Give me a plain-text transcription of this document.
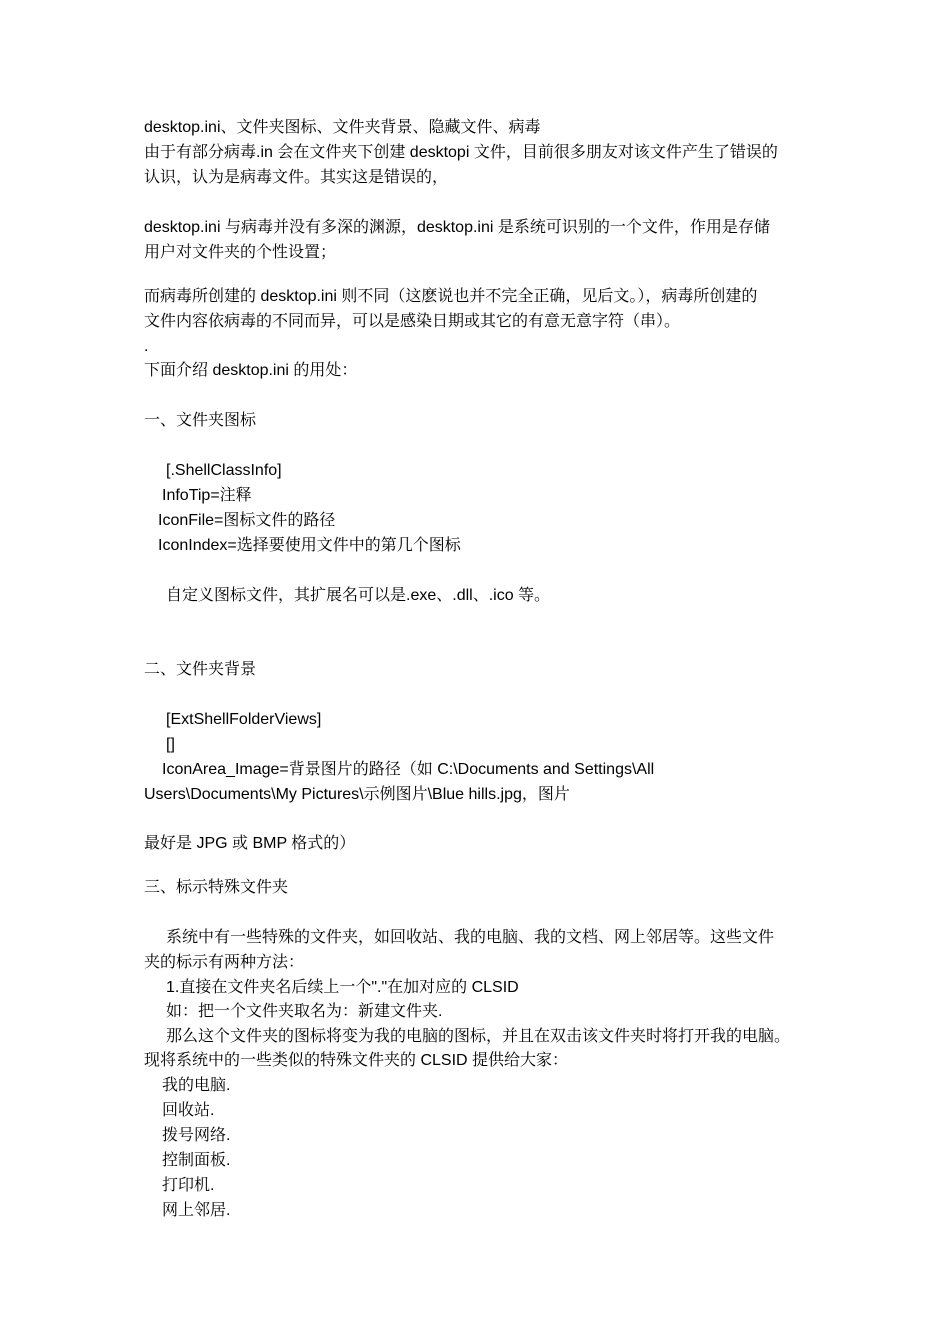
desktop.ini、文件夹图标、文件夹背景、隐藏文件、病毒
由于有部分病毒.in 会在文件夹下创建 desktopi 文件，目前很多朋友对该文件产生了错误的
认识，认为是病毒文件。其实这是错误的，
desktop.ini 与病毒并没有多深的渊源，desktop.ini 是系统可识别的一个文件，作用是存储
用户对文件夹的个性设置；
而病毒所创建的 desktop.ini 则不同（这麽说也并不完全正确，见后文。），病毒所创建的
文件内容依病毒的不同而异，可以是感染日期或其它的有意无意字符（串）。
.
下面介绍 desktop.ini 的用处：
一、文件夹图标
[.ShellClassInfo]
InfoTip=注释
IconFile=图标文件的路径
IconIndex=选择要使用文件中的第几个图标
自定义图标文件，其扩展名可以是.exe、.dll、.ico 等。
二、文件夹背景
[ExtShellFolderViews]
[]
IconArea_Image=背景图片的路径（如 C:\Documents and Settings\All
Users\Documents\My Pictures\示例图片\Blue hills.jpg，图片
最好是 JPG 或 BMP 格式的）
三、标示特殊文件夹
系统中有一些特殊的文件夹，如回收站、我的电脑、我的文档、网上邻居等。这些文件
夹的标示有两种方法：
1.直接在文件夹名后续上一个"."在加对应的 CLSID
如：把一个文件夹取名为：新建文件夹.
那么这个文件夹的图标将变为我的电脑的图标，并且在双击该文件夹时将打开我的电脑。
现将系统中的一些类似的特殊文件夹的 CLSID 提供给大家：
我的电脑.
回收站.
拨号网络.
控制面板.
打印机.
网上邻居.
